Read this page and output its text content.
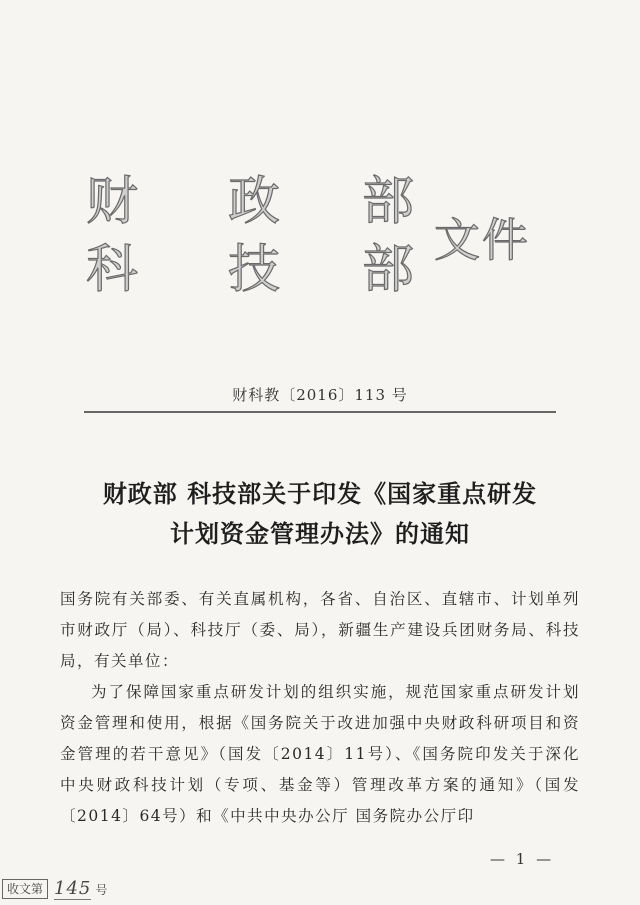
财 政 部
科 技 部 文件
财科教〔2016〕113 号
财政部 科技部关于印发《国家重点研发
计划资金管理办法》的通知

国务院有关部委、有关直属机构，各省、自治区、直辖市、计划单列市财政厅（局）、科技厅（委、局），新疆生产建设兵团财务局、科技局，有关单位：

为了保障国家重点研发计划的组织实施，规范国家重点研发计划资金管理和使用，根据《国务院关于改进加强中央财政科研项目和资金管理的若干意见》（国发〔2014〕11号）、《国务院印发关于深化中央财政科技计划（专项、基金等）管理改革方案的通知》（国发〔2014〕64号）和《中共中央办公厅 国务院办公厅印

— 1 —
收文第 145 号
